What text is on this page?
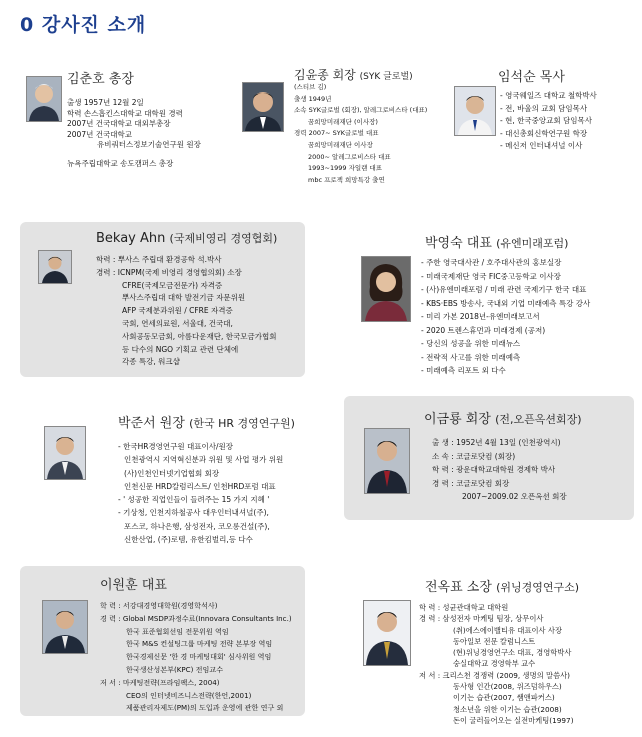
0 강사진 소개
김춘호 총장
출생 1957년 12월 2일
학력 손스홉킨스대학교 대학원 경력
2007년 건국대학교 대외부총장
2007년 건국대학교
유비쿼터스정보기술연구원 원장
뉴욕주립대학교 송도캠퍼스 총장
김윤종 회장 (SYK 글로벌)
(스티브 김)
출생 1949년
소속 SYK글로벌 (회장), 알레그로비스타 (대표)
꿈희망미래재단 (이사장)
경력 2007~ SYK글로벌 대표
꿈희망미래재단 이사장
2000~ 알레그로비스타 대표
1993~1999 자일랜 대표
mbc 프로젝 희망특강 출연
임석순 목사
- 영국웨일즈 대학교 철학박사
- 전, 바울의 교회 담임목사
- 현, 한국중앙교회 담임목사
- 대신총회신학연구원 학장
- 메신저 인터내셔널 이사
Bekay Ahn (국제비영리 경영협회)
학력 : 뿌사스 주립대 환경공학 석.박사
경력 : ICNPM(국제 비영리 경영협의회) 소장
CFRE(국제모금전문가) 자격증
뿌사스주립대 대학 발전기금 자문위원
AFP 국제분과위원 / CFRE 자격증
국회, 연세의료원, 서울대, 건국대,
사회공동모금회, 아름다운재단, 한국모금가협회
등 다수의 NGO 기획교 관련 단체에
각종 특강, 워크샵
박영숙 대표 (유엔미래포럼)
- 주한 영국대사관 / 호주대사관의 홍보실장
- 미래국제재단 영국 FIC중고등학교 이사장
- (사)유엔미래포럼 / 미래 관련 국제기구 한국 대표
- KBS·EBS 방송사, 국내외 기업 미래예측 특강 강사
- 미리 가본 2018년-유엔미래보고서
- 2020 트렌스휴먼과 미래경제 (공저)
- 당신의 성공을 위한 미래뉴스
- 전략적 사고를 위한 미래예측
- 미래예측 리포트 외 다수
박준서 원장 (한국 HR 경영연구원)
- 한국HR경영연구원 대표이사/원장
인천광역시 지역혁신분과 위원 및 사업 평가 위원
(사)인천인터넷기업협회 회장
인천신문 HRD칼럼리스트/ 인천HRD포럼 대표
- ' 성공한 직업인들이 들려주는 15 가지 지혜 '
- 기상청, 인천지하철공사 대우인터내셔널(주),
포스코, 하나은행, 삼성전자, 코오롱건설(주),
신한산업, (주)로템, 유한킴벌리,등 다수
이금룡 회장 (전,오픈옥션회장)
출 생 : 1952년 4월 13일 (인천광역시)
소 속 : 코글로닷컴 (회장)
학 력 : 광운대학교대학원 경제학 박사
경 력 : 코글로닷컴 회장
2007~2009.02 오픈옥션 회장
이원훈 대표
학 력 : 서강대경영대학원(경영학석사)
경 력 : Global MSDP과정수료(Innovara Consultants Inc.)
한국 표준협회선임 전문위원 역임
한국 M&S 컨설팅그룹 마케팅 전략 본부장 역임
한국경제신문 '한 경 마케팅대회' 심사위원 역임
한국생산성본부(KPC) 전임교수
저 서 : 마케팅전략(프라임팩스, 2004)
CEO의 인터넷비즈니스전략(한언,2001)
제품관리자제도(PM)의 도입과 운영에 관한 연구 외
전옥표 소장 (위닝경영연구소)
학 력 : 성균관대학교 대학원
경 력 : 삼성전자 마케팅 팀장, 상무이사
(취)에스에이밸티유 대표이사 사장
동아일보 전문 칼럼니스트
(현)위닝경영연구소 대표, 경영학박사
숭실대학교 경영학부 교수
저 서 : 크리스천 경쟁력 (2009, 생명의 말씀사)
동사형 인간(2008, 위즈덤하우스)
이기는 습관(2007, 쌤앤파커스)
청소년을 위한 이기는 습관(2008)
돈이 굴러들어오는 실전마케팅(1997)
